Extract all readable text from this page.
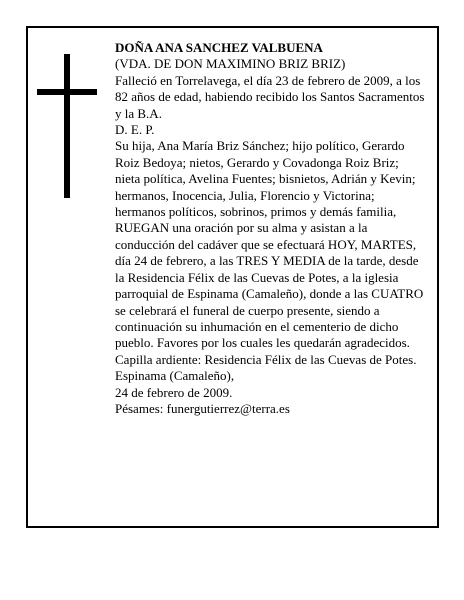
DOÑA ANA SANCHEZ VALBUENA

(VDA. DE DON MAXIMINO BRIZ BRIZ)

Falleció en Torrelavega, el día 23 de febrero de 2009, a los 82 años de edad, habiendo recibido los Santos Sacramentos y la B.A.

D. E. P.

Su hija, Ana María Briz Sánchez; hijo político, Gerardo Roiz Bedoya; nietos, Gerardo y Covadonga Roiz Briz; nieta política, Avelina Fuentes; bisnietos, Adrián y Kevin; hermanos, Inocencia, Julia, Florencio y Victorina; hermanos políticos, sobrinos, primos y demás familia,

RUEGAN una oración por su alma y asistan a la conducción del cadáver que se efectuará HOY, MARTES, día 24 de febrero, a las TRES Y MEDIA de la tarde, desde la Residencia Félix de las Cuevas de Potes, a la iglesia parroquial de Espinama (Camaleño), donde a las CUATRO se celebrará el funeral de cuerpo presente, siendo a continuación su inhumación en el cementerio de dicho pueblo. Favores por los cuales les quedarán agradecidos.

Capilla ardiente: Residencia Félix de las Cuevas de Potes.

Espinama (Camaleño),

24 de febrero de 2009.

Pésames: funergutierrez@terra.es
